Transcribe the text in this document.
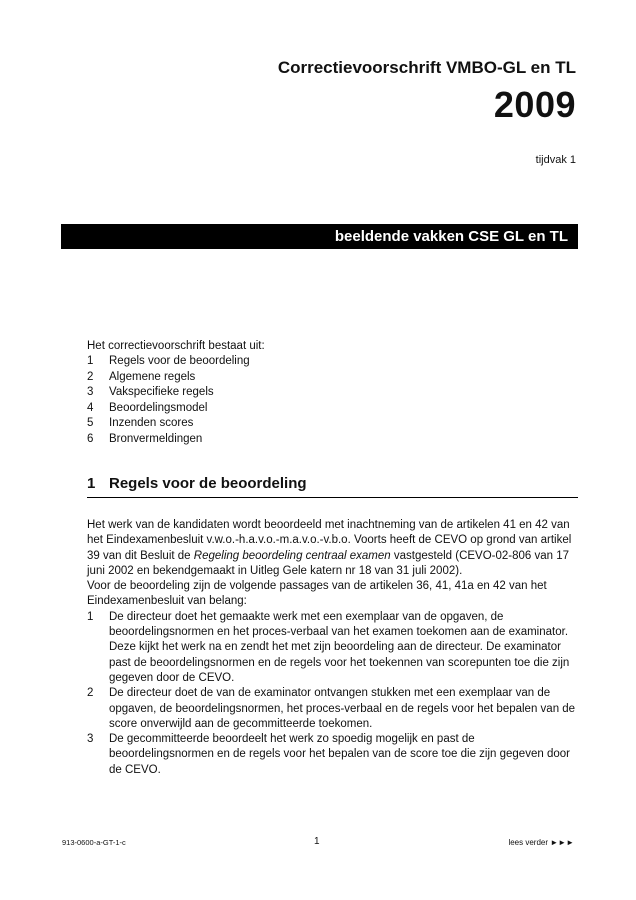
Correctievoorschrift VMBO-GL en TL
2009
tijdvak 1
beeldende vakken CSE GL en TL
Het correctievoorschrift bestaat uit:
1 Regels voor de beoordeling
2 Algemene regels
3 Vakspecifieke regels
4 Beoordelingsmodel
5 Inzenden scores
6 Bronvermeldingen
1 Regels voor de beoordeling

Het werk van de kandidaten wordt beoordeeld met inachtneming van de artikelen 41 en 42 van het Eindexamenbesluit v.w.o.-h.a.v.o.-m.a.v.o.-v.b.o. Voorts heeft de CEVO op grond van artikel 39 van dit Besluit de Regeling beoordeling centraal examen vastgesteld (CEVO-02-806 van 17 juni 2002 en bekendgemaakt in Uitleg Gele katern nr 18 van 31 juli 2002).

Voor de beoordeling zijn de volgende passages van de artikelen 36, 41, 41a en 42 van het Eindexamenbesluit van belang:

1 De directeur doet het gemaakte werk met een exemplaar van de opgaven, de beoordelingsnormen en het proces-verbaal van het examen toekomen aan de examinator. Deze kijkt het werk na en zendt het met zijn beoordeling aan de directeur. De examinator past de beoordelingsnormen en de regels voor het toekennen van scorepunten toe die zijn gegeven door de CEVO.
2 De directeur doet de van de examinator ontvangen stukken met een exemplaar van de opgaven, de beoordelingsnormen, het proces-verbaal en de regels voor het bepalen van de score onverwijld aan de gecommitteerde toekomen.
3 De gecommitteerde beoordeelt het werk zo spoedig mogelijk en past de beoordelingsnormen en de regels voor het bepalen van de score toe die zijn gegeven door de CEVO.
913-0600-a-GT-1-c	1	lees verder ►►►
